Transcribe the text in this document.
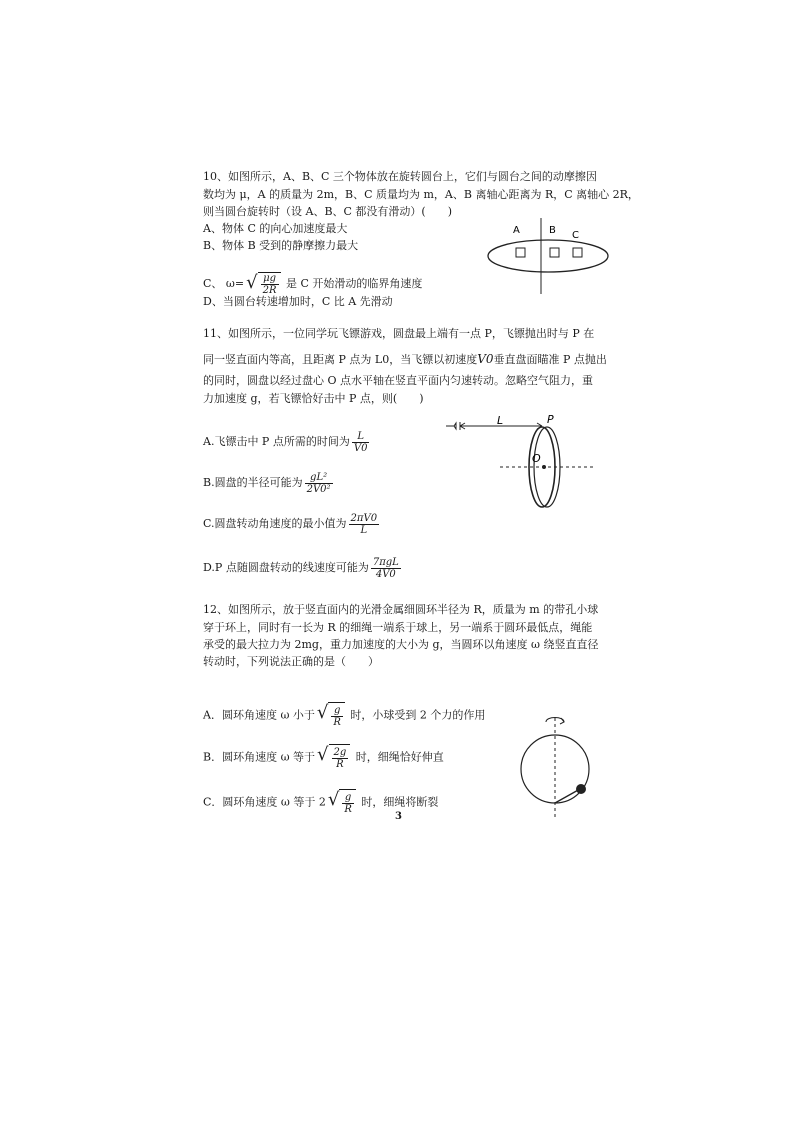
10、如图所示，A、B、C 三个物体放在旋转圆台上，它们与圆台之间的动摩擦因
数均为 μ，A 的质量为 2m，B、C 质量均为 m，A、B 离轴心距离为 R，C 离轴心 2R，
则当圆台旋转时（设 A、B、C 都没有滑动）(　　)
A、物体 C 的向心加速度最大
B、物体 B 受到的静摩擦力最大
C、 ω= √ $\frac{\mu g}{2R}$ 是 C 开始滑动的临界角速度
D、当圆台转速增加时，C 比 A 先滑动
A	B C
11、如图所示，一位同学玩飞镖游戏，圆盘最上端有一点 P，飞镖抛出时与 P 在
同一竖直面内等高，且距离 P 点为 L0，当飞镖以初速度V0垂直盘面瞄准 P 点抛出
的同时，圆盘以经过盘心 O 点水平轴在竖直平面内匀速转动。忽略空气阻力，重
力加速度 g，若飞镖恰好击中 P 点，则(　　)
A.飞镖击中 P 点所需的时间为 $\frac{L}{V0}$
B.圆盘的半径可能为 $\frac{\text{gL²}}{\text{2V0²}}$
C.圆盘转动角速度的最小值为 $\frac{2\pi V0}{L}$
D.P 点随圆盘转动的线速度可能为 $\frac{\text{7πgL}}{4V0}$
L	P
O
12、如图所示，放于竖直面内的光滑金属细圆环半径为 R，质量为 m 的带孔小球
穿于环上，同时有一长为 R 的细绳一端系于球上，另一端系于圆环最低点，绳能
承受的最大拉力为 2mg，重力加速度的大小为 g，当圆环以角速度 ω 绕竖直直径
转动时，下列说法正确的是（　　）
A．圆环角速度 ω 小于 √ $\frac{g}{R}$ 时，小球受到 2 个力的作用
B．圆环角速度 ω 等于 √ $\frac{2g}{R}$ 时，细绳恰好伸直
C．圆环角速度 ω 等于 2 √ $\frac{g}{R}$ 时，细绳将断裂
3
